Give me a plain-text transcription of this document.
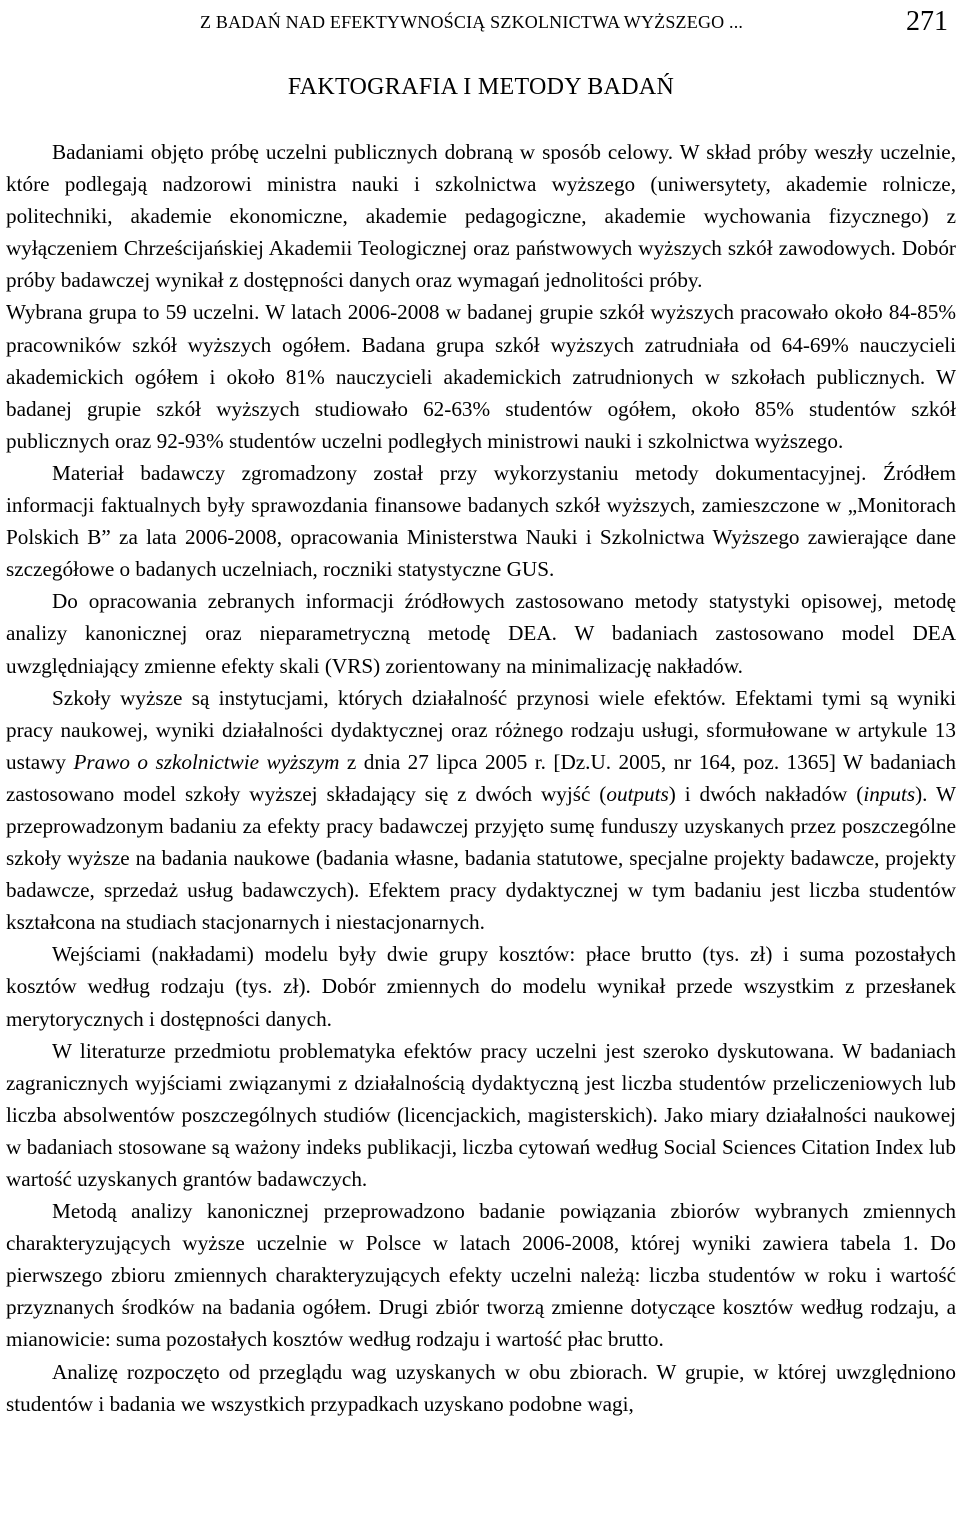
Z BADAŃ NAD EFEKTYWNOŚCIĄ SZKOLNICTWA WYŻSZEGO ...	271
FAKTOGRAFIA I METODY BADAŃ

Badaniami objęto próbę uczelni publicznych dobraną w sposób celowy. W skład próby weszły uczelnie, które podlegają nadzorowi ministra nauki i szkolnictwa wyższego (uniwersytety, akademie rolnicze, politechniki, akademie ekonomiczne, akademie pedagogiczne, akademie wychowania fizycznego) z wyłączeniem Chrześcijańskiej Akademii Teologicznej oraz państwowych wyższych szkół zawodowych. Dobór próby badawczej wynikał z dostępności danych oraz wymagań jednolitości próby.

Wybrana grupa to 59 uczelni. W latach 2006-2008 w badanej grupie szkół wyższych pracowało około 84-85% pracowników szkół wyższych ogółem. Badana grupa szkół wyższych zatrudniała od 64-69% nauczycieli akademickich ogółem i około 81% nauczycieli akademickich zatrudnionych w szkołach publicznych. W badanej grupie szkół wyższych studiowało 62-63% studentów ogółem, około 85% studentów szkół publicznych oraz 92-93% studentów uczelni podległych ministrowi nauki i szkolnictwa wyższego.

Materiał badawczy zgromadzony został przy wykorzystaniu metody dokumentacyjnej. Źródłem informacji faktualnych były sprawozdania finansowe badanych szkół wyższych, zamieszczone w „Monitorach Polskich B” za lata 2006-2008, opracowania Ministerstwa Nauki i Szkolnictwa Wyższego zawierające dane szczegółowe o badanych uczelniach, roczniki statystyczne GUS.

Do opracowania zebranych informacji źródłowych zastosowano metody statystyki opisowej, metodę analizy kanonicznej oraz nieparametryczną metodę DEA. W badaniach zastosowano model DEA uwzględniający zmienne efekty skali (VRS) zorientowany na minimalizację nakładów.

Szkoły wyższe są instytucjami, których działalność przynosi wiele efektów. Efektami tymi są wyniki pracy naukowej, wyniki działalności dydaktycznej oraz różnego rodzaju usługi, sformułowane w artykule 13 ustawy Prawo o szkolnictwie wyższym z dnia 27 lipca 2005 r. [Dz.U. 2005, nr 164, poz. 1365] W badaniach zastosowano model szkoły wyższej składający się z dwóch wyjść (outputs) i dwóch nakładów (inputs). W przeprowadzonym badaniu za efekty pracy badawczej przyjęto sumę funduszy uzyskanych przez poszczególne szkoły wyższe na badania naukowe (badania własne, badania statutowe, specjalne projekty badawcze, projekty badawcze, sprzedaż usług badawczych). Efektem pracy dydaktycznej w tym badaniu jest liczba studentów kształcona na studiach stacjonarnych i niestacjonarnych.

Wejściami (nakładami) modelu były dwie grupy kosztów: płace brutto (tys. zł) i suma pozostałych kosztów według rodzaju (tys. zł). Dobór zmiennych do modelu wynikał przede wszystkim z przesłanek merytorycznych i dostępności danych.

W literaturze przedmiotu problematyka efektów pracy uczelni jest szeroko dyskutowana. W badaniach zagranicznych wyjściami związanymi z działalnością dydaktyczną jest liczba studentów przeliczeniowych lub liczba absolwentów poszczególnych studiów (licencjackich, magisterskich). Jako miary działalności naukowej w badaniach stosowane są ważony indeks publikacji, liczba cytowań według Social Sciences Citation Index lub wartość uzyskanych grantów badawczych.

Metodą analizy kanonicznej przeprowadzono badanie powiązania zbiorów wybranych zmiennych charakteryzujących wyższe uczelnie w Polsce w latach 2006-2008, której wyniki zawiera tabela 1. Do pierwszego zbioru zmiennych charakteryzujących efekty uczelni należą: liczba studentów w roku i wartość przyznanych środków na badania ogółem. Drugi zbiór tworzą zmienne dotyczące kosztów według rodzaju, a mianowicie: suma pozostałych kosztów według rodzaju i wartość płac brutto.

Analizę rozpoczęto od przeglądu wag uzyskanych w obu zbiorach. W grupie, w której uwzględniono studentów i badania we wszystkich przypadkach uzyskano podobne wagi,
